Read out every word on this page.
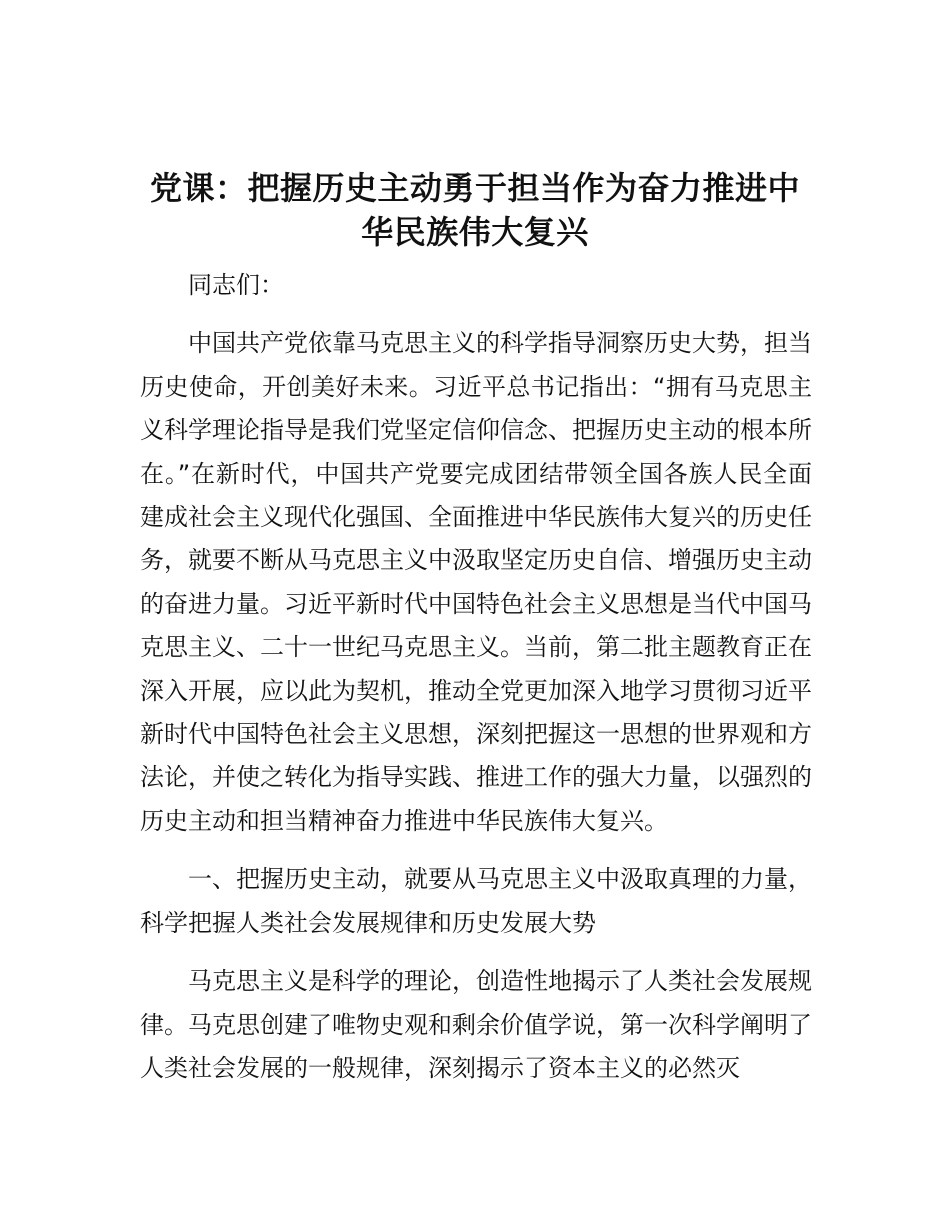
党课：把握历史主动勇于担当作为奋力推进中华民族伟大复兴

同志们：

中国共产党依靠马克思主义的科学指导洞察历史大势，担当历史使命，开创美好未来。习近平总书记指出：“拥有马克思主义科学理论指导是我们党坚定信仰信念、把握历史主动的根本所在。”在新时代，中国共产党要完成团结带领全国各族人民全面建成社会主义现代化强国、全面推进中华民族伟大复兴的历史任务，就要不断从马克思主义中汲取坚定历史自信、增强历史主动的奋进力量。习近平新时代中国特色社会主义思想是当代中国马克思主义、二十一世纪马克思主义。当前，第二批主题教育正在深入开展，应以此为契机，推动全党更加深入地学习贯彻习近平新时代中国特色社会主义思想，深刻把握这一思想的世界观和方法论，并使之转化为指导实践、推进工作的强大力量，以强烈的历史主动和担当精神奋力推进中华民族伟大复兴。

一、把握历史主动，就要从马克思主义中汲取真理的力量，科学把握人类社会发展规律和历史发展大势

马克思主义是科学的理论，创造性地揭示了人类社会发展规律。马克思创建了唯物史观和剩余价值学说，第一次科学阐明了人类社会发展的一般规律，深刻揭示了资本主义的必然灭
